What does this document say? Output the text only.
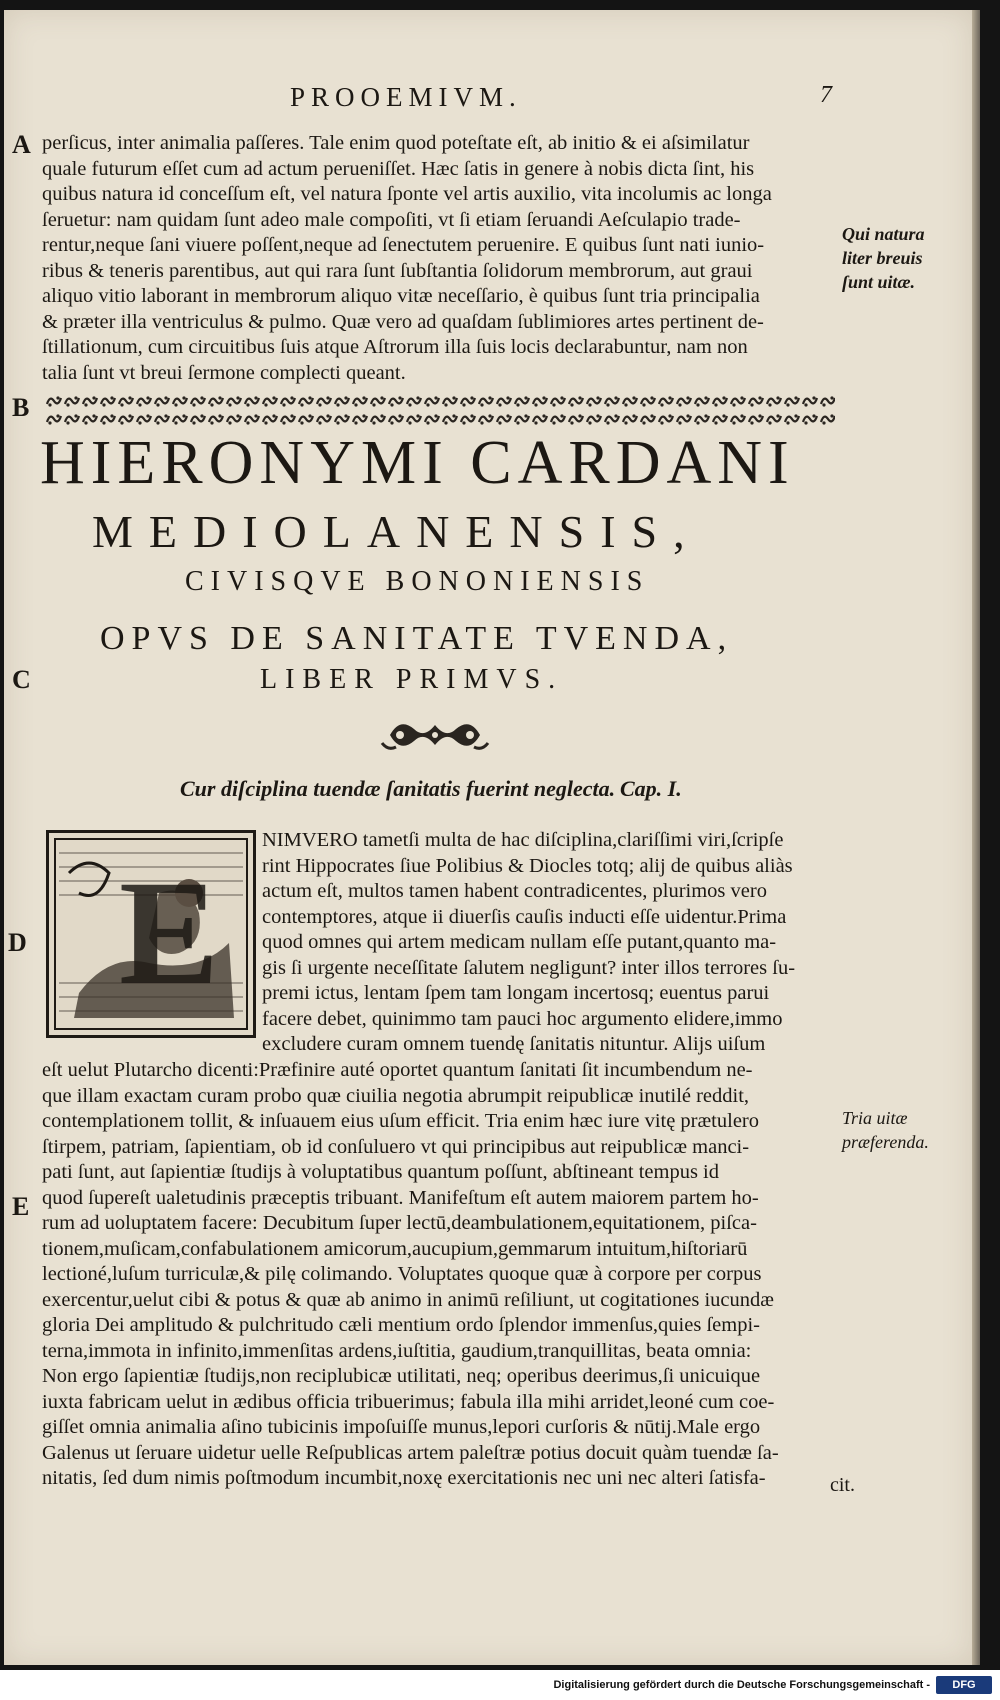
PROOEMIVM.	7
A
B
C
D
E
perſicus, inter animalia paſſeres. Tale enim quod poteſtate eſt, ab initio & ei aſsimilatur
quale futurum eſſet cum ad actum perueniſſet. Hæc ſatis in genere à nobis dicta ſint, his
quibus natura id conceſſum eſt, vel natura ſponte vel artis auxilio, vita incolumis ac longa
ſeruetur: nam quidam ſunt adeo male compoſiti, vt ſi etiam ſeruandi Aeſculapio trade-
rentur,neque ſani viuere poſſent,neque ad ſenectutem peruenire. E quibus ſunt nati iunio-
ribus & teneris parentibus, aut qui rara ſunt ſubſtantia ſolidorum membrorum, aut graui
aliquo vitio laborant in membrorum aliquo vitæ neceſſario, è quibus ſunt tria principalia
& præter illa ventriculus & pulmo. Quæ vero ad quaſdam ſublimiores artes pertinent de-
ſtillationum, cum circuitibus ſuis atque Aſtrorum illa ſuis locis declarabuntur, nam non
talia ſunt vt breui ſermone complecti queant.
Qui natura
liter breuis
ſunt uitæ.
HIERONYMI CARDANI
MEDIOLANENSIS,
CIVISQVE BONONIENSIS
OPVS DE SANITATE TVENDA,
LIBER PRIMVS.
Cur diſciplina tuendæ ſanitatis fuerint neglecta. Cap. I.
E
NIMVERO tametſi multa de hac diſciplina,clariſſimi viri,ſcripſe
rint Hippocrates ſiue Polibius & Diocles totq; alij de quibus aliàs
actum eſt, multos tamen habent contradicentes, plurimos vero
contemptores, atque ii diuerſis cauſis inducti eſſe uidentur.Prima
quod omnes qui artem medicam nullam eſſe putant,quanto ma-
gis ſi urgente neceſſitate ſalutem negligunt? inter illos terrores ſu-
premi ictus, lentam ſpem tam longam incertosq; euentus parui
facere debet, quinimmo tam pauci hoc argumento elidere,immo
excludere curam omnem tuendę ſanitatis nituntur. Alijs uiſum
eſt uelut Plutarcho dicenti:Præfinire auté oportet quantum ſanitati ſit incumbendum ne-
que illam exactam curam probo quæ ciuilia negotia abrumpit reipublicæ inutilé reddit,
contemplationem tollit, & inſuauem eius uſum efficit. Tria enim hæc iure vitę prætulero
ſtirpem, patriam, ſapientiam, ob id conſuluero vt qui principibus aut reipublicæ manci-
pati ſunt, aut ſapientiæ ſtudijs à voluptatibus quantum poſſunt, abſtineant tempus id
quod ſupereſt ualetudinis præceptis tribuant. Manifeſtum eſt autem maiorem partem ho-
rum ad uoluptatem facere: Decubitum ſuper lectū,deambulationem,equitationem, piſca-
tionem,muſicam,confabulationem amicorum,aucupium,gemmarum intuitum,hiſtoriarū
lectioné,luſum turriculæ,& pilę colimando. Voluptates quoque quæ à corpore per corpus
exercentur,uelut cibi & potus & quæ ab animo in animū reſiliunt, ut cogitationes iucundæ
gloria Dei amplitudo & pulchritudo cæli mentium ordo ſplendor immenſus,quies ſempi-
terna,immota in infinito,immenſitas ardens,iuſtitia, gaudium,tranquillitas, beata omnia:
Non ergo ſapientiæ ſtudijs,non reciplubicæ utilitati, neq; operibus deerimus,ſi unicuique
iuxta fabricam uelut in ædibus officia tribuerimus; fabula illa mihi arridet,leoné cum coe-
giſſet omnia animalia aſino tubicinis impoſuiſſe munus,lepori curſoris & nūtij.Male ergo
Galenus ut ſeruare uidetur uelle Reſpublicas artem paleſtræ potius docuit quàm tuendæ ſa-
nitatis, ſed dum nimis poſtmodum incumbit,noxę exercitationis nec uni nec alteri ſatisfa-	cit.
Tria uitæ
præferenda.
Digitalisierung gefördert durch die Deutsche Forschungsgemeinschaft -	DFG
